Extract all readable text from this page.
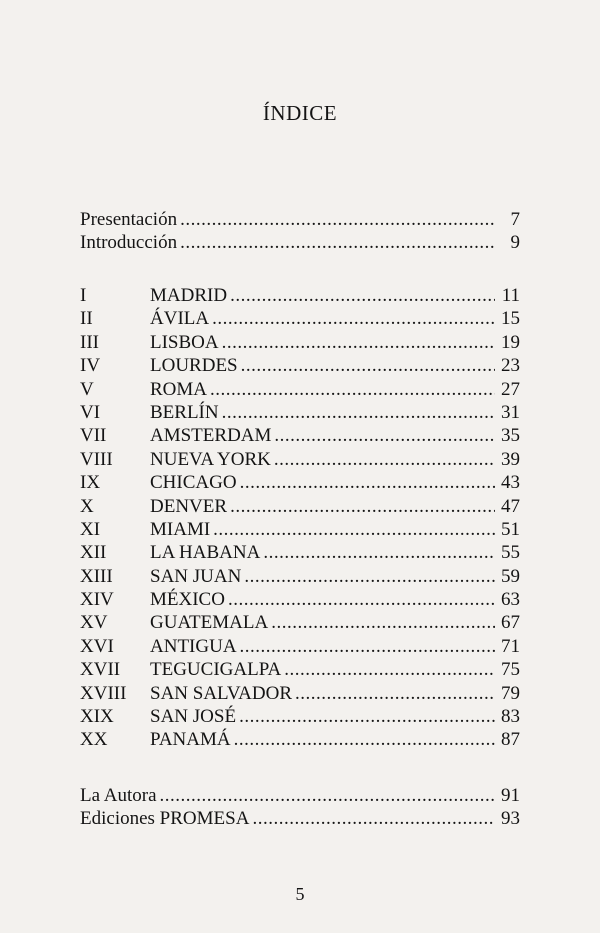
ÍNDICE
Presentación .....	7
Introducción .....	9
I	MADRID .....	11
II	ÁVILA .....	15
III	LISBOA .....	19
IV	LOURDES .....	23
V	ROMA .....	27
VI	BERLÍN .....	31
VII	AMSTERDAM .....	35
VIII	NUEVA YORK .....	39
IX	CHICAGO .....	43
X	DENVER .....	47
XI	MIAMI .....	51
XII	LA HABANA .....	55
XIII	SAN JUAN .....	59
XIV	MÉXICO .....	63
XV	GUATEMALA .....	67
XVI	ANTIGUA .....	71
XVII	TEGUCIGALPA .....	75
XVIII	SAN SALVADOR .....	79
XIX	SAN JOSÉ .....	83
XX	PANAMÁ .....	87
La Autora .....	91
Ediciones PROMESA .....	93
5
